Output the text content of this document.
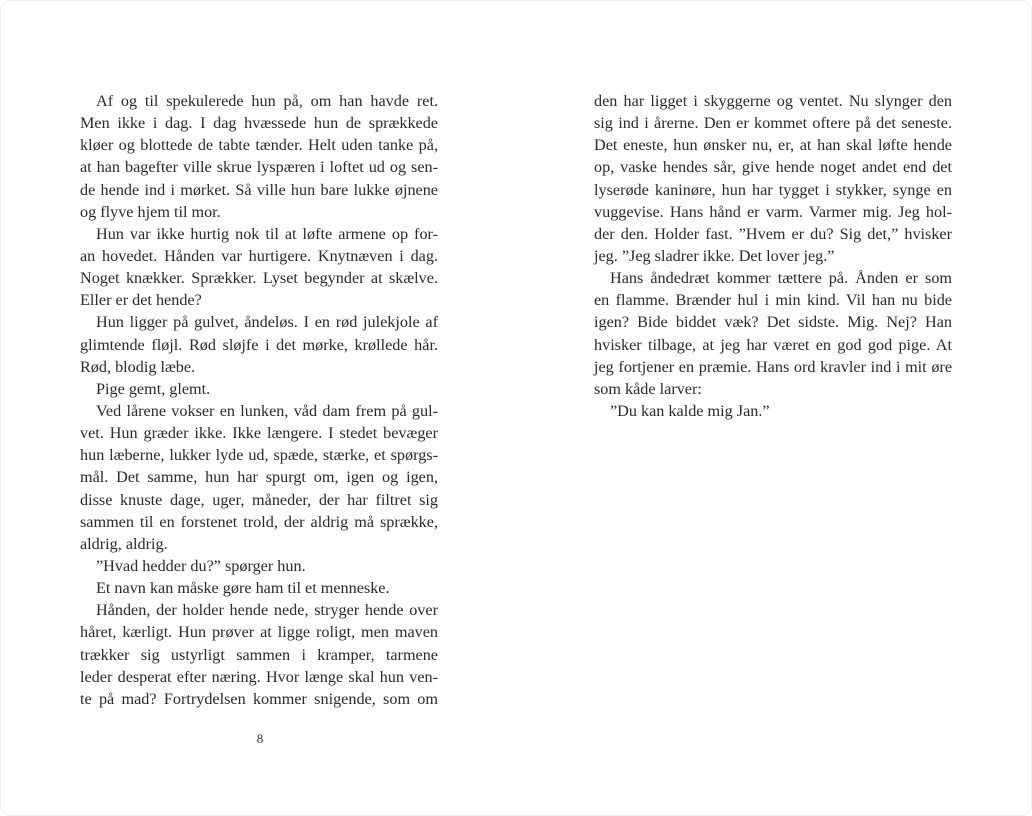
Af og til spekulerede hun på, om han havde ret.
Men ikke i dag. I dag hvæssede hun de sprækkede
kløer og blottede de tabte tænder. Helt uden tanke på,
at han bagefter ville skrue lyspæren i loftet ud og sen-
de hende ind i mørket. Så ville hun bare lukke øjnene
og flyve hjem til mor.
Hun var ikke hurtig nok til at løfte armene op for-
an hovedet. Hånden var hurtigere. Knytnæven i dag.
Noget knækker. Sprækker. Lyset begynder at skælve.
Eller er det hende?
Hun ligger på gulvet, åndeløs. I en rød julekjole af
glimtende fløjl. Rød sløjfe i det mørke, krøllede hår.
Rød, blodig læbe.
Pige gemt, glemt.
Ved lårene vokser en lunken, våd dam frem på gul-
vet. Hun græder ikke. Ikke længere. I stedet bevæger
hun læberne, lukker lyde ud, spæde, stærke, et spørgs-
mål. Det samme, hun har spurgt om, igen og igen,
disse knuste dage, uger, måneder, der har filtret sig
sammen til en forstenet trold, der aldrig må sprække,
aldrig, aldrig.
”Hvad hedder du?” spørger hun.
Et navn kan måske gøre ham til et menneske.
Hånden, der holder hende nede, stryger hende over
håret, kærligt. Hun prøver at ligge roligt, men maven
trækker sig ustyrligt sammen i kramper, tarmene
leder desperat efter næring. Hvor længe skal hun ven-
te på mad? Fortrydelsen kommer snigende, som om
8
den har ligget i skyggerne og ventet. Nu slynger den
sig ind i årerne. Den er kommet oftere på det seneste.
Det eneste, hun ønsker nu, er, at han skal løfte hende
op, vaske hendes sår, give hende noget andet end det
lyserøde kaninøre, hun har tygget i stykker, synge en
vuggevise. Hans hånd er varm. Varmer mig. Jeg hol-
der den. Holder fast. ”Hvem er du? Sig det,” hvisker
jeg. ”Jeg sladrer ikke. Det lover jeg.”
Hans åndedræt kommer tættere på. Ånden er som
en flamme. Brænder hul i min kind. Vil han nu bide
igen? Bide biddet væk? Det sidste. Mig. Nej? Han
hvisker tilbage, at jeg har været en god god pige. At
jeg fortjener en præmie. Hans ord kravler ind i mit øre
som kåde larver:
”Du kan kalde mig Jan.”
